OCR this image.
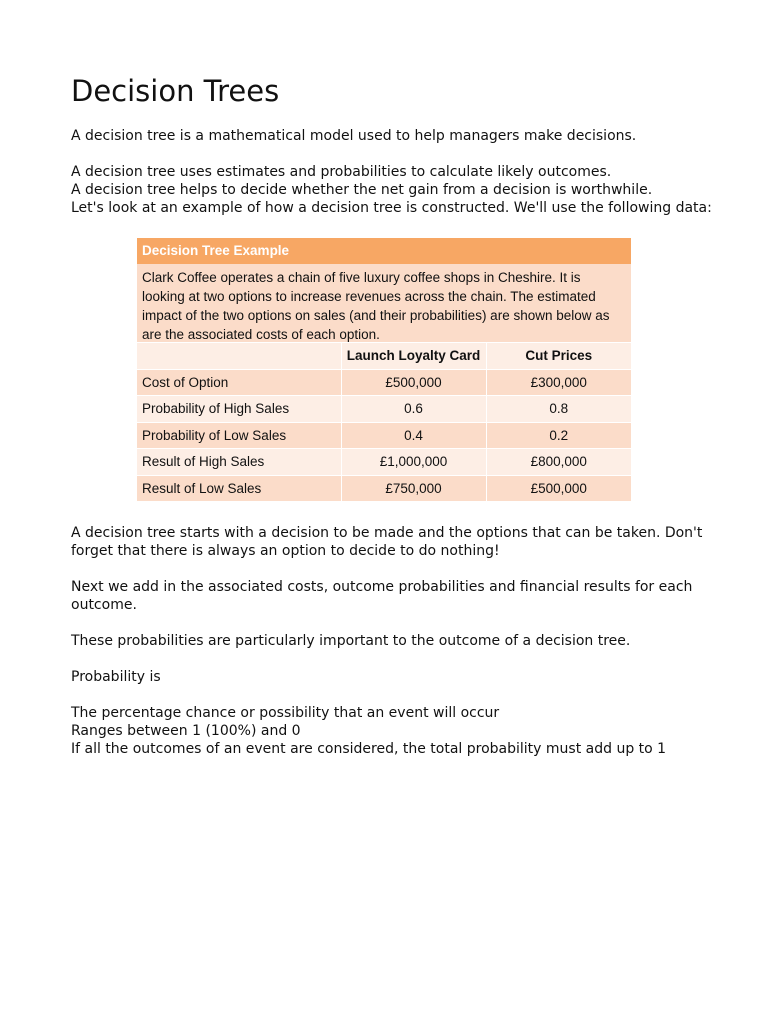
Decision Trees

A decision tree is a mathematical model used to help managers make decisions.

A decision tree uses estimates and probabilities to calculate likely outcomes.
A decision tree helps to decide whether the net gain from a decision is worthwhile.
Let's look at an example of how a decision tree is constructed. We'll use the following data:

A decision tree starts with a decision to be made and the options that can be taken. Don't
forget that there is always an option to decide to do nothing!

Next we add in the associated costs, outcome probabilities and financial results for each
outcome.

These probabilities are particularly important to the outcome of a decision tree.

Probability is

The percentage chance or possibility that an event will occur
Ranges between 1 (100%) and 0
If all the outcomes of an event are considered, the total probability must add up to 1

Decision Tree Example
Clark Coffee operates a chain of five luxury coffee shops in Cheshire. It is looking at two options to increase revenues across the chain. The estimated impact of the two options on sales (and their probabilities) are shown below as are the associated costs of each option.
	Launch Loyalty Card	Cut Prices
Cost of Option	£500,000	£300,000
Probability of High Sales	0.6	0.8
Probability of Low Sales	0.4	0.2
Result of High Sales	£1,000,000	£800,000
Result of Low Sales	£750,000	£500,000
